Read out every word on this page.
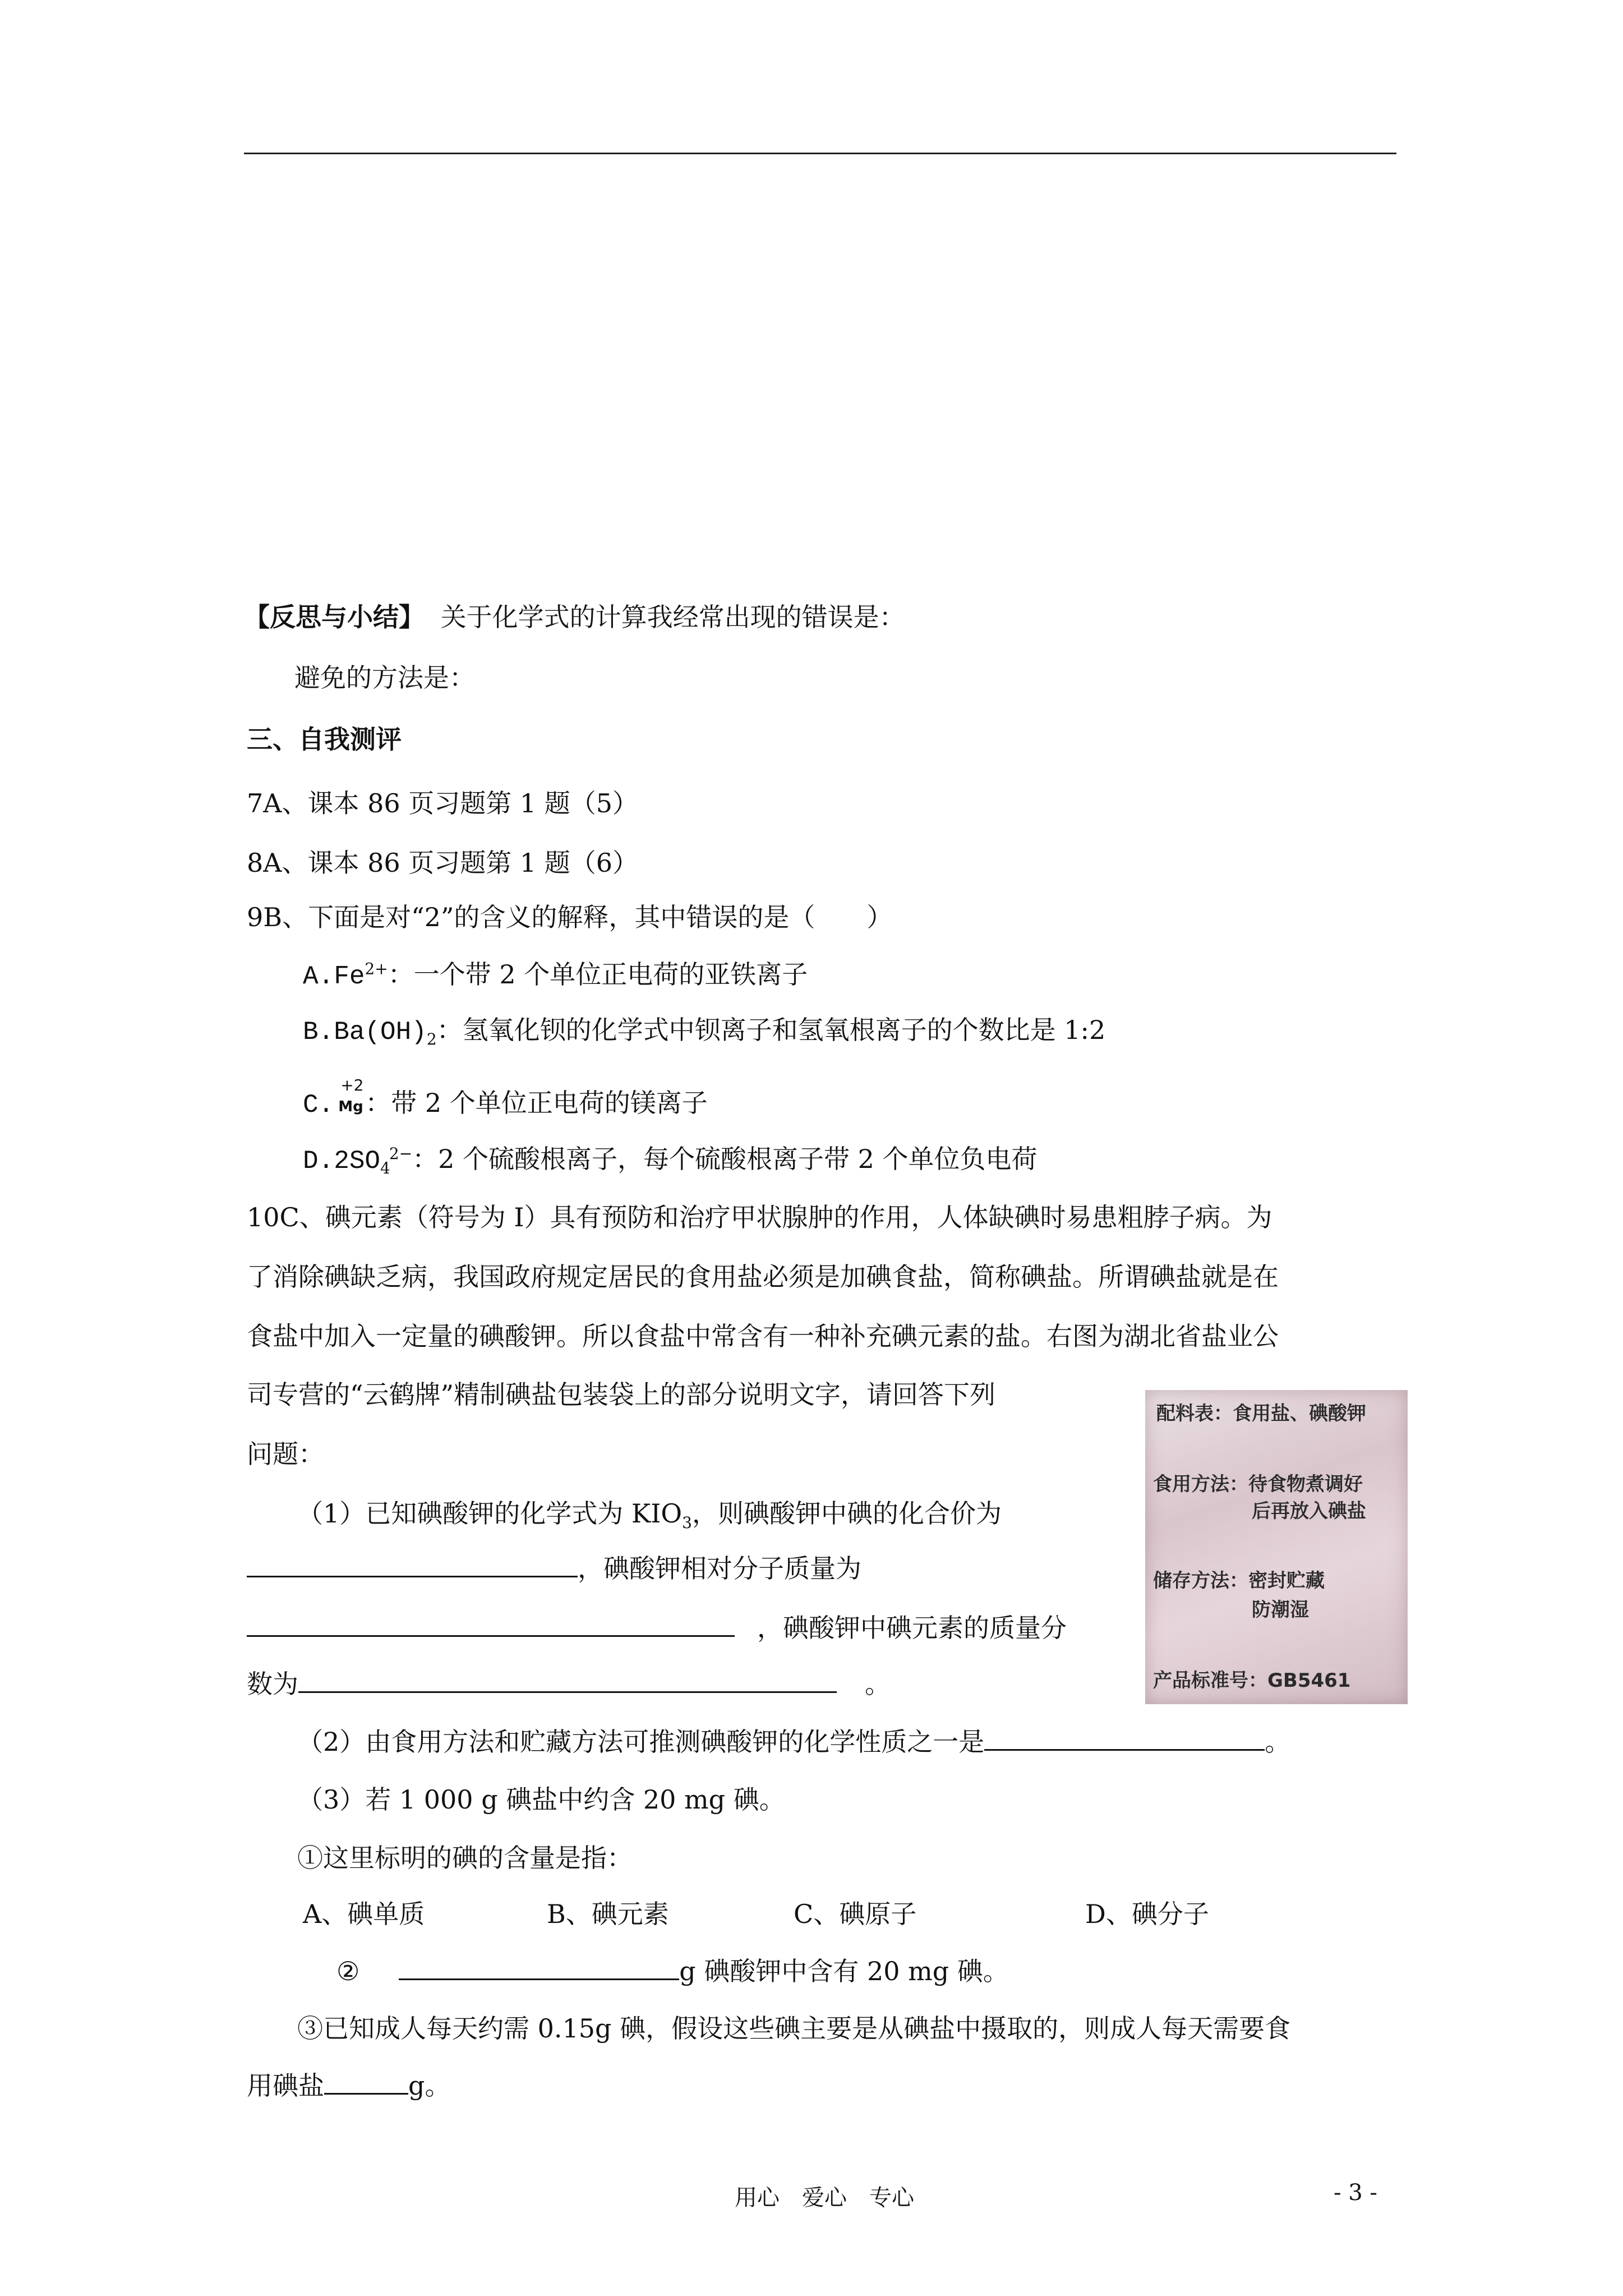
【反思与小结】 关于化学式的计算我经常出现的错误是：
避免的方法是：
三、自我测评
7A、课本 86 页习题第 1 题（5）
8A、课本 86 页习题第 1 题（6）
9B、下面是对“2”的含义的解释，其中错误的是（　　）
$A.Fe^{2+}$：一个带 2 个单位正电荷的亚铁离子
$B.Ba(OH)_2$：氢氧化钡的化学式中钡离子和氢氧根离子的个数比是 1:2
C.
+2
Mg ：带 2 个单位正电荷的镁离子
$D.2SO_4^{2-}$：2 个硫酸根离子，每个硫酸根离子带 2 个单位负电荷
10C、碘元素（符号为 I）具有预防和治疗甲状腺肿的作用，人体缺碘时易患粗脖子病。为
了消除碘缺乏病，我国政府规定居民的食用盐必须是加碘食盐，简称碘盐。所谓碘盐就是在
食盐中加入一定量的碘酸钾。所以食盐中常含有一种补充碘元素的盐。右图为湖北省盐业公
司专营的“云鹤牌”精制碘盐包装袋上的部分说明文字，请回答下列
问题：
配料表：食用盐、碘酸钾
食用方法：待食物煮调好
后再放入碘盐
储存方法：密封贮藏
防潮湿
产品标准号：GB5461
（1）已知碘酸钾的化学式为 $KIO_3$，则碘酸钾中碘的化合价为
，碘酸钾相对分子质量为
，碘酸钾中碘元素的质量分
数为	。
（2）由食用方法和贮藏方法可推测碘酸钾的化学性质之一是	。
（3）若 1 000 g 碘盐中约含 20 mg 碘。
①这里标明的碘的含量是指：
A、碘单质	B、碘元素	C、碘原子	D、碘分子
②	g 碘酸钾中含有 20 mg 碘。
③已知成人每天约需 0.15g 碘，假设这些碘主要是从碘盐中摄取的，则成人每天需要食
用碘盐	g。
用心　爱心　专心	- 3 -
